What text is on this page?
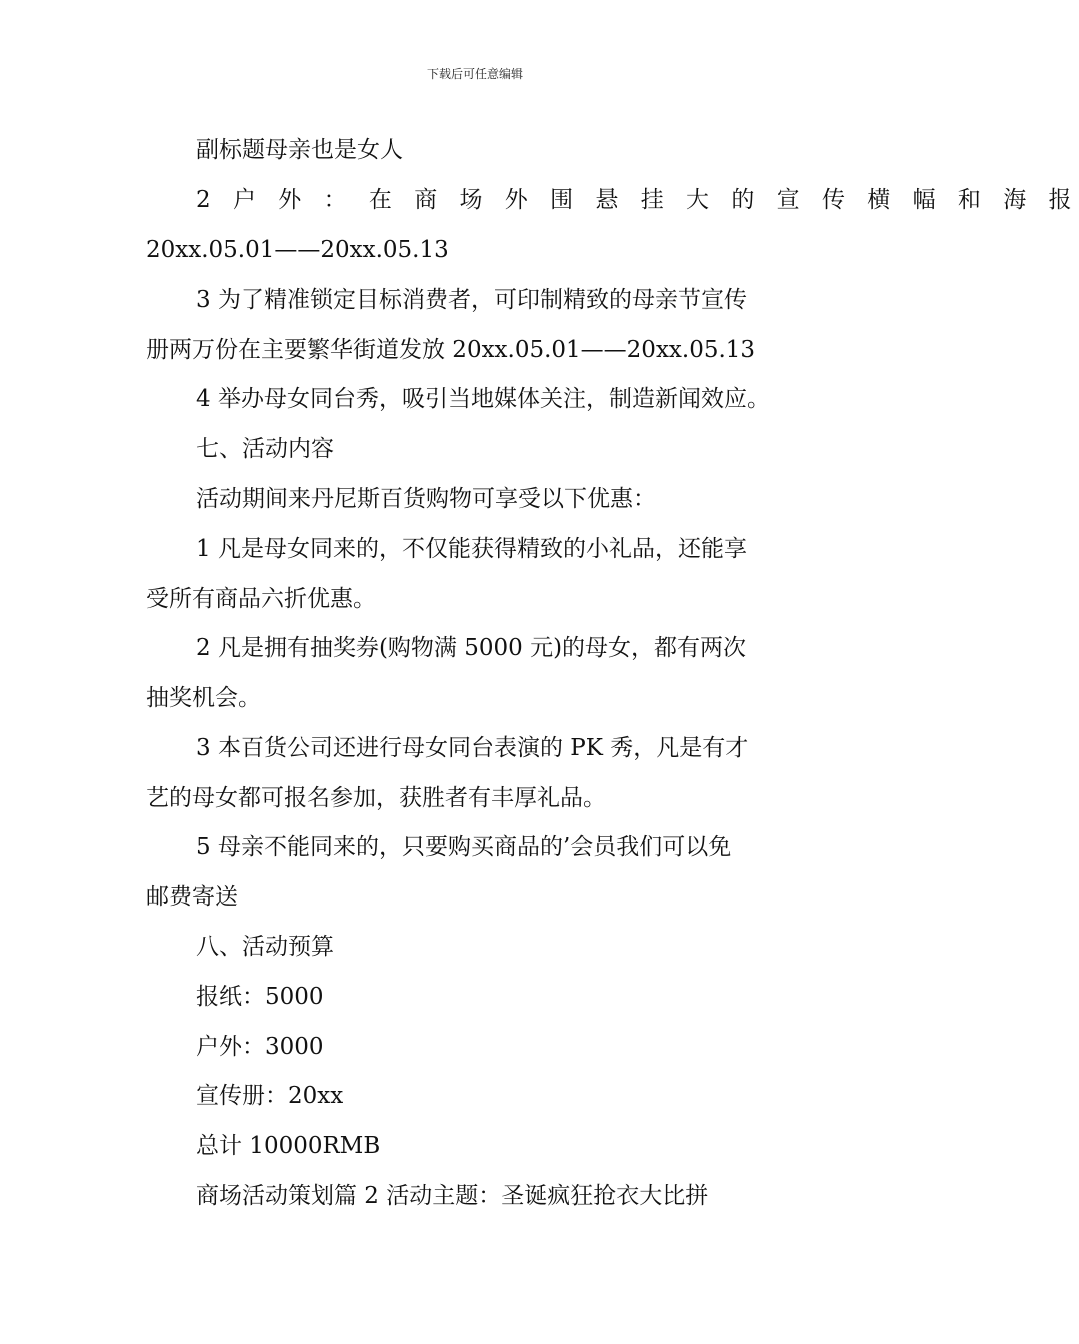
下载后可任意编辑
副标题母亲也是女人
2 户 外 ： 在 商 场 外 围 悬 挂 大 的 宣 传 横 幅 和 海 报
20xx.05.01——20xx.05.13
3 为了精准锁定目标消费者，可印制精致的母亲节宣传
册两万份在主要繁华街道发放 20xx.05.01——20xx.05.13
4 举办母女同台秀，吸引当地媒体关注，制造新闻效应。
七、活动内容
活动期间来丹尼斯百货购物可享受以下优惠：
1 凡是母女同来的，不仅能获得精致的小礼品，还能享
受所有商品六折优惠。
2 凡是拥有抽奖券(购物满 5000 元)的母女，都有两次
抽奖机会。
3 本百货公司还进行母女同台表演的 PK 秀，凡是有才
艺的母女都可报名参加，获胜者有丰厚礼品。
5 母亲不能同来的，只要购买商品的’会员我们可以免
邮费寄送
八、活动预算
报纸：5000
户外：3000
宣传册：20xx
总计 10000RMB
商场活动策划篇 2 活动主题：圣诞疯狂抢衣大比拼
